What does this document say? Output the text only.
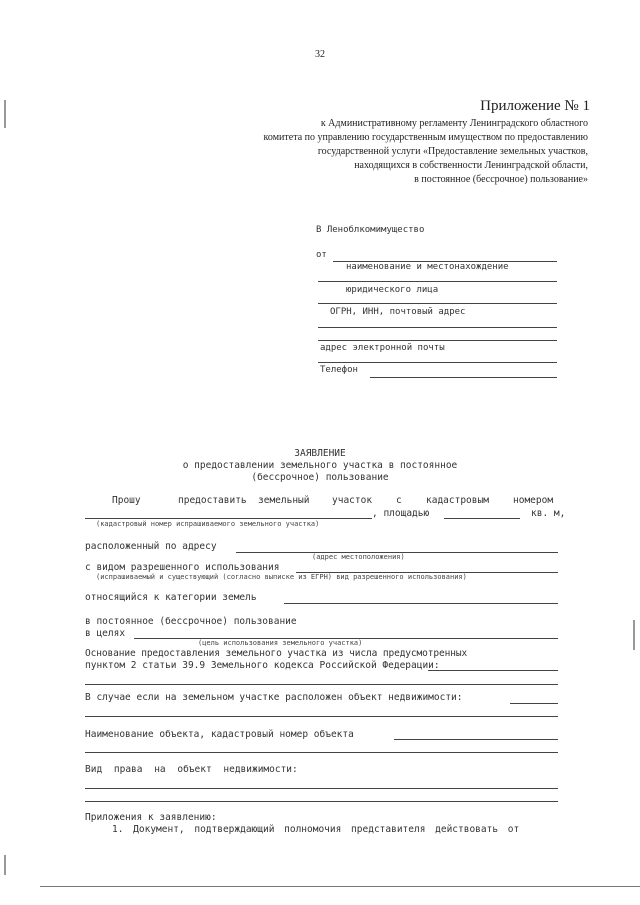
32
Приложение № 1
к Административному регламенту Ленинградского областного
комитета по управлению государственным имуществом по предоставлению
государственной услуги «Предоставление земельных участков,
находящихся в собственности Ленинградской области,
в постоянное (бессрочное) пользование»
В Леноблкомимущество
от
наименование и местонахождение
юридического лица
ОГРН, ИНН, почтовый адрес
адрес электронной почты
Телефон
ЗАЯВЛЕНИЕ
о предоставлении земельного участка в постоянное
(бессрочное) пользование
Прошу	предоставить земельный участок	с	кадастровым	номером
, площадью	кв. м,
(кадастровый номер испрашиваемого земельного участка)
расположенный по адресу
(адрес местоположения)
с видом разрешенного использования
(испрашиваемый и существующий (согласно выписке из ЕГРН) вид разрешенного использования)
относящийся к категории земель
в постоянное (бессрочное) пользование
в целях
(цель использования земельного участка)
Основание предоставления земельного участка из числа предусмотренных
пунктом 2 статьи 39.9 Земельного кодекса Российской Федерации:
В случае если на земельном участке расположен объект недвижимости:
Наименование объекта, кадастровый номер объекта
Вид права на объект недвижимости:
Приложения к заявлению:
1. Документ, подтверждающий полномочия представителя действовать от
